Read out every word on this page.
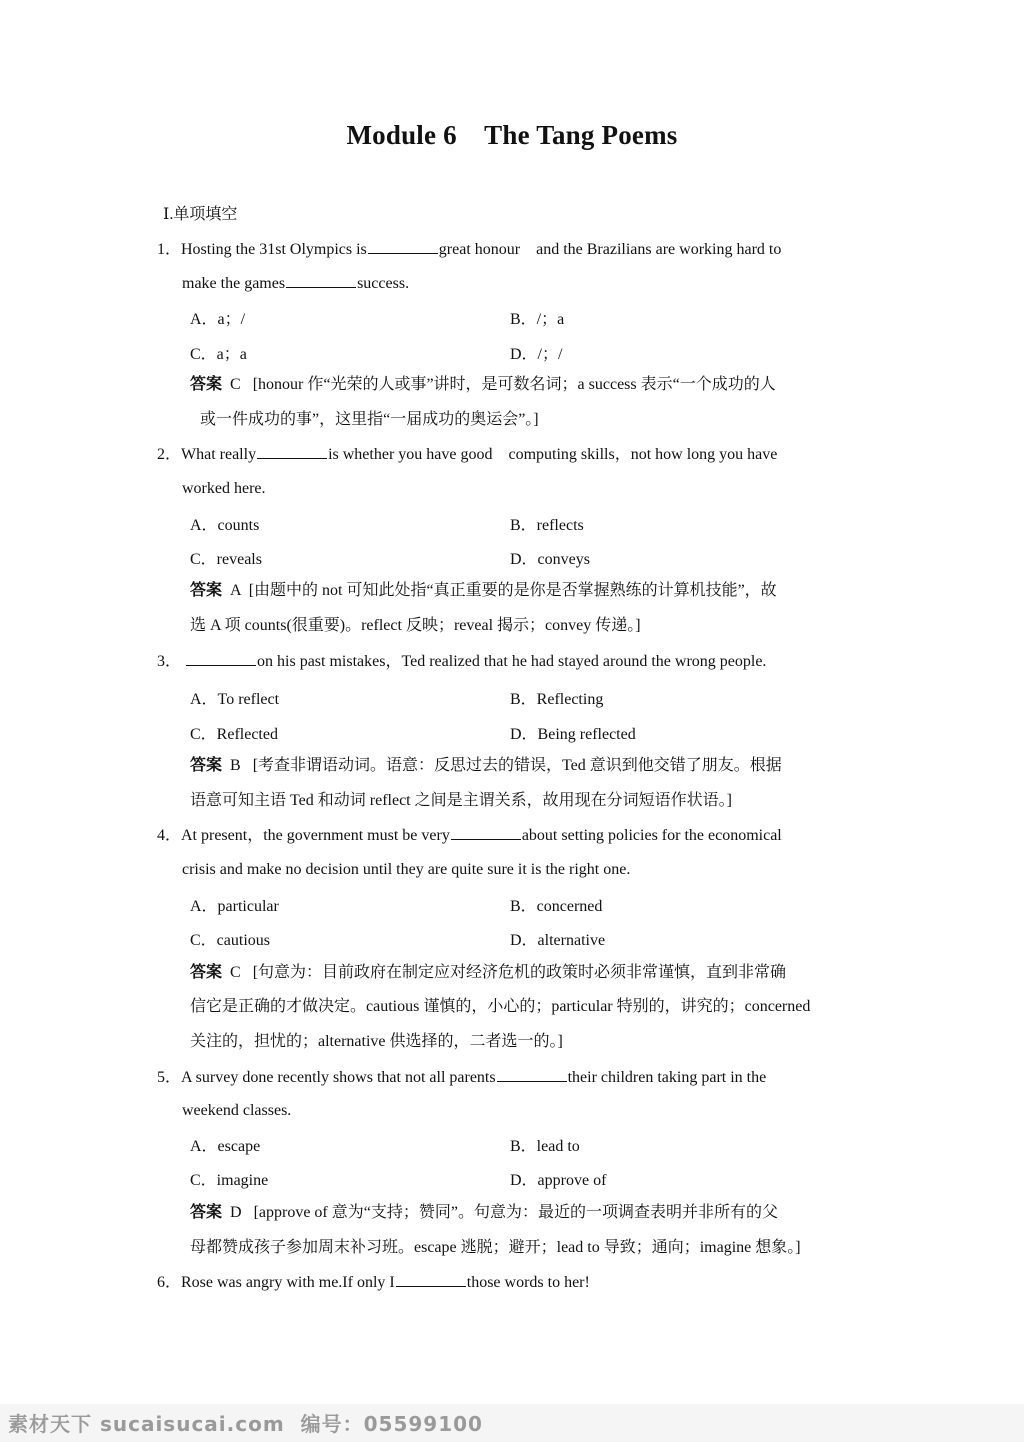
Module 6    The Tang Poems
Ⅰ.单项填空
1．Hosting the 31st Olympics is	great honour    and the Brazilians are working hard to
make the games	success.
A．a；/	B．/；a
C．a；a	D．/；/
答案 C   [honour 作“光荣的人或事”讲时，是可数名词；a success 表示“一个成功的人
或一件成功的事”，这里指“一届成功的奥运会”。]
2．What really	is whether you have good    computing skills，not how long you have
worked here.
A．counts	B．reflects
C．reveals	D．conveys
答案 A  [由题中的 not 可知此处指“真正重要的是你是否掌握熟练的计算机技能”，故
选 A 项 counts(很重要)。reflect 反映；reveal 揭示；convey 传递。]
3．	on his past mistakes，Ted realized that he had stayed around the wrong people.
A．To reflect	B．Reflecting
C．Reflected	D．Being reflected
答案 B   [考查非谓语动词。语意：反思过去的错误，Ted 意识到他交错了朋友。根据
语意可知主语 Ted 和动词 reflect 之间是主谓关系，故用现在分词短语作状语。]
4．At present，the government must be very	about setting policies for the economical
crisis and make no decision until they are quite sure it is the right one.
A．particular	B．concerned
C．cautious	D．alternative
答案 C   [句意为：目前政府在制定应对经济危机的政策时必须非常谨慎，直到非常确
信它是正确的才做决定。cautious 谨慎的，小心的；particular 特别的，讲究的；concerned
关注的，担忧的；alternative 供选择的，二者选一的。]
5．A survey done recently shows that not all parents	their children taking part in the
weekend classes.
A．escape	B．lead to
C．imagine	D．approve of
答案 D   [approve of 意为“支持；赞同”。句意为：最近的一项调查表明并非所有的父
母都赞成孩子参加周末补习班。escape 逃脱；避开；lead to 导致；通向；imagine 想象。]
6．Rose was angry with me.If only I	those words to her!
素材天下 sucaisucai.com  编号：05599100
